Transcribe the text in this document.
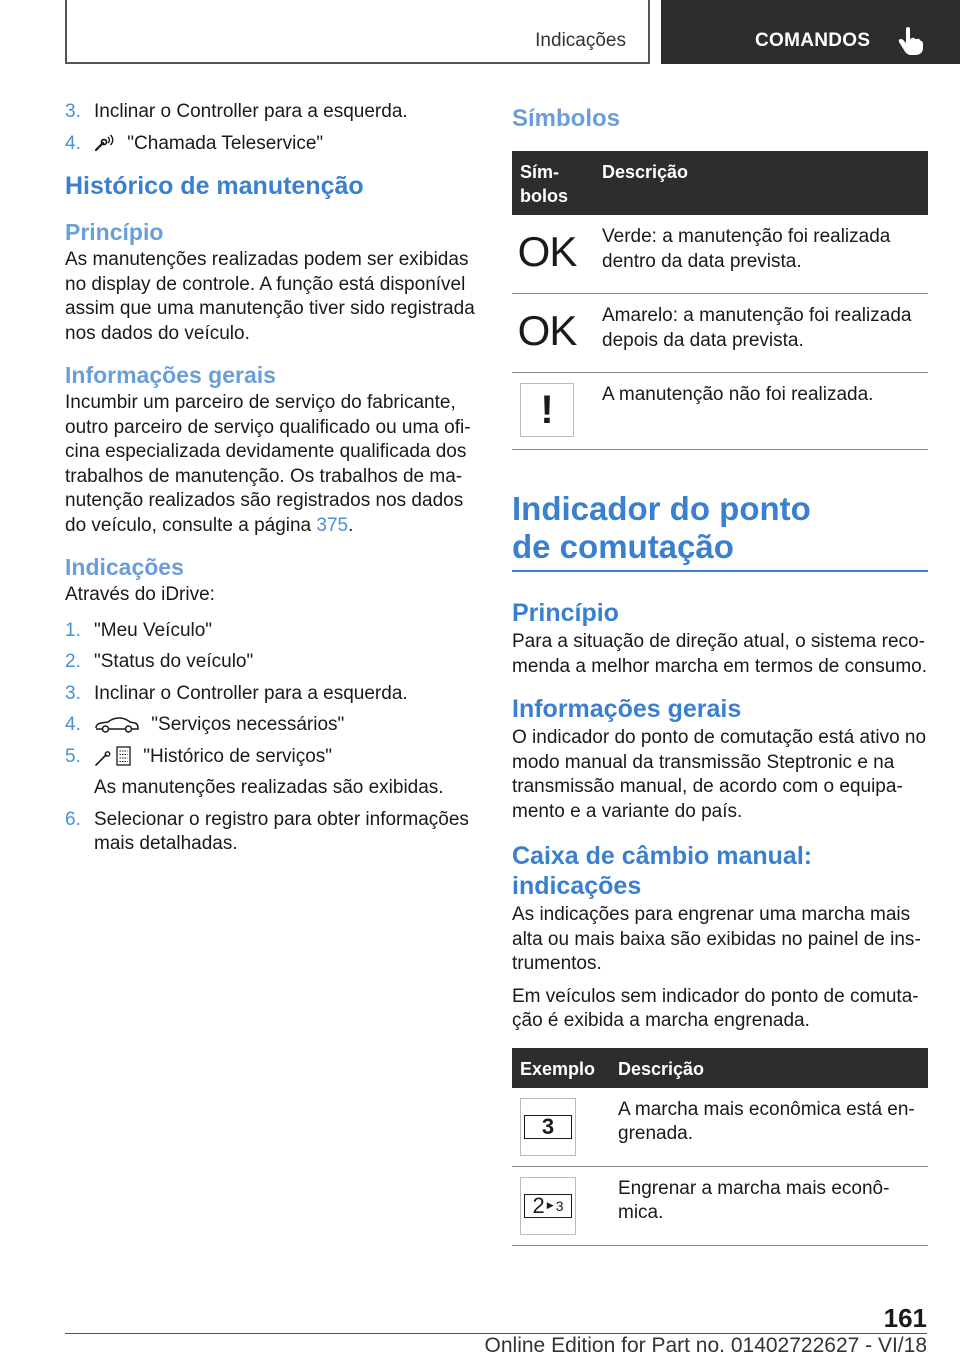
Indicações	COMANDOS
3. Inclinar o Controller para a esquerda.
4. "Chamada Teleservice"
Histórico de manutenção
Princípio

As manutenções realizadas podem ser exibidas no display de controle. A função está disponível assim que uma manutenção tiver sido registrada nos dados do veículo.

Informações gerais

Incumbir um parceiro de serviço do fabricante, outro parceiro de serviço qualificado ou uma oficina especializada devidamente qualificada dos trabalhos de manutenção. Os trabalhos de manutenção realizados são registrados nos dados do veículo, consulte a página 375.

Indicações

Através do iDrive:

1. "Meu Veículo"
2. "Status do veículo"
3. Inclinar o Controller para a esquerda.
4.	"Serviços necessários"
5.	"Histórico de serviços"
As manutenções realizadas são exibidas.
6. Selecionar o registro para obter informações mais detalhadas.
Símbolos
Símbolos	Descrição

OK	Verde: a manutenção foi realizada dentro da data prevista.

OK	Amarelo: a manutenção foi realizada depois da data prevista.

!	A manutenção não foi realizada.
Indicador do ponto de comutação
Princípio

Para a situação de direção atual, o sistema recomenda a melhor marcha em termos de consumo.

Informações gerais

O indicador do ponto de comutação está ativo no modo manual da transmissão Steptronic e na transmissão manual, de acordo com o equipamento e a variante do país.

Caixa de câmbio manual: indicações

As indicações para engrenar uma marcha mais alta ou mais baixa são exibidas no painel de instrumentos.

Em veículos sem indicador do ponto de comutação é exibida a marcha engrenada.

Exemplo	Descrição

3	A marcha mais econômica está engrenada.

2 ▶ 3	Engrenar a marcha mais econômica.
161
Online Edition for Part no. 01402722627 - VI/18
